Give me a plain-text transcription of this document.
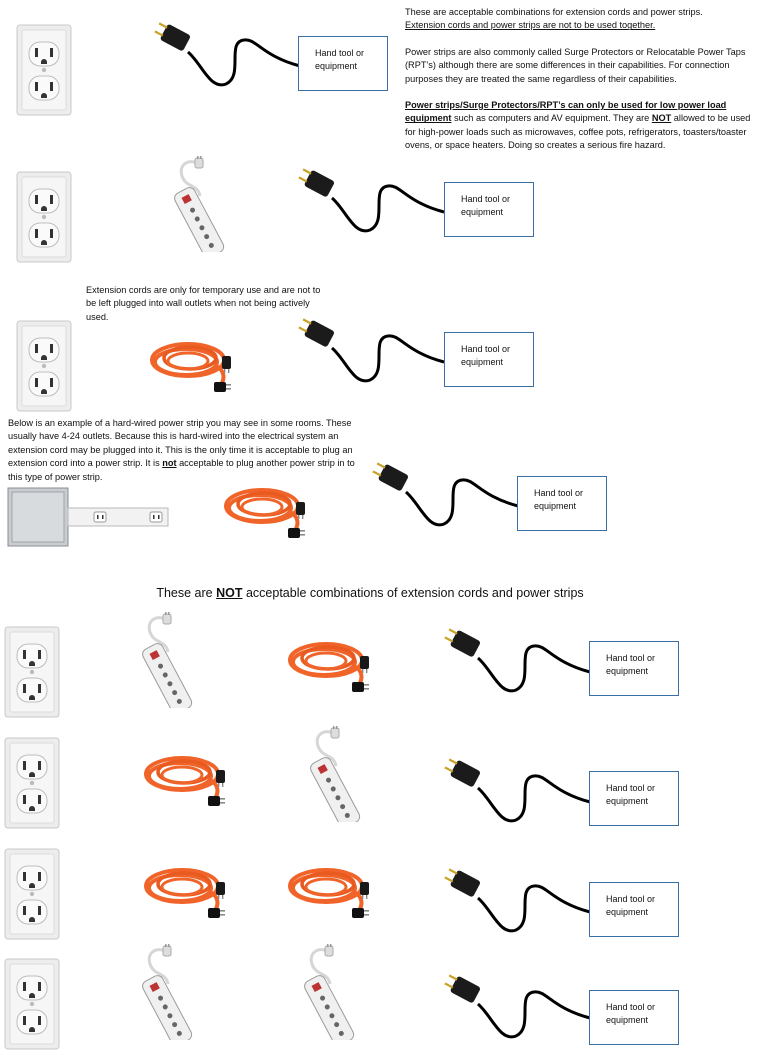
These are acceptable combinations for extension cords and power strips.

Extension cords and power strips are not to be used together.

Power strips are also commonly called Surge Protectors or Relocatable Power Taps (RPT’s) although there are some differences in their capabilities. For connection purposes they are treated the same regardless of their capabilities.

Power strips/Surge Protectors/RPT’s can only be used for low power load equipment such as computers and AV equipment. They are NOT allowed to be used for high-power loads such as microwaves, coffee pots, refrigerators, toasters/toaster ovens, or space heaters. Doing so creates a serious fire hazard.

Hand tool or equipment
Hand tool or equipment
Extension cords are only for temporary use and are not to be left plugged into wall outlets when not being actively used.
Hand tool or equipment
Below is an example of a hard-wired power strip you may see in some rooms. These usually have 4-24 outlets. Because this is hard-wired into the electrical system an extension cord may be plugged into it. This is the only time it is acceptable to plug an extension cord into a power strip. It is not acceptable to plug another power strip in to this type of power strip.
Hand tool or equipment
These are NOT acceptable combinations of extension cords and power strips
Hand tool or equipment
Hand tool or equipment
Hand tool or equipment
Hand tool or equipment
